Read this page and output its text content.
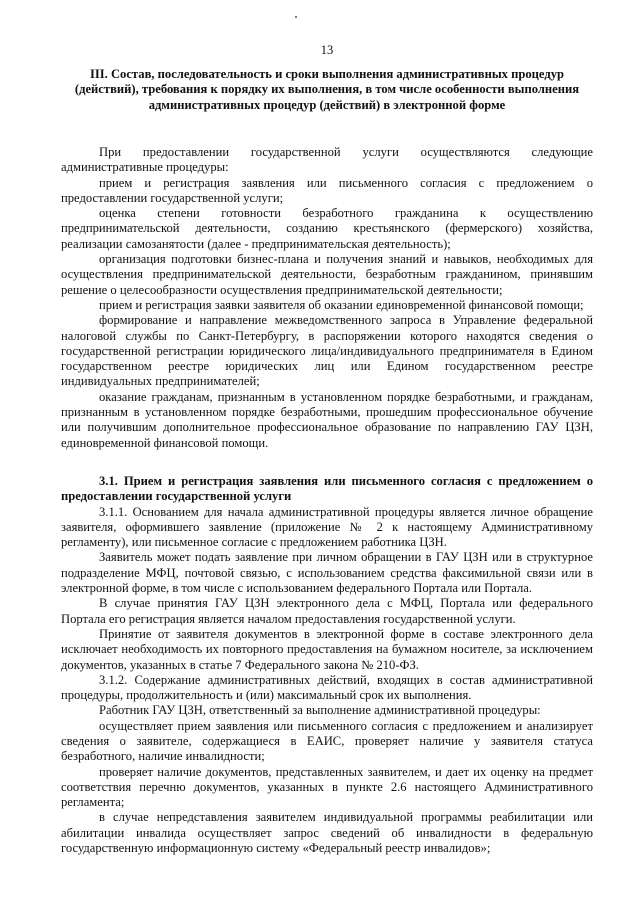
13
III. Состав, последовательность и сроки выполнения административных процедур (действий), требования к порядку их выполнения, в том числе особенности выполнения административных процедур (действий) в электронной форме

При предоставлении государственной услуги осуществляются следующие административные процедуры:

прием и регистрация заявления или письменного согласия с предложением о предоставлении государственной услуги;

оценка степени готовности безработного гражданина к осуществлению предпринимательской деятельности, созданию крестьянского (фермерского) хозяйства, реализации самозанятости (далее - предпринимательская деятельность);

организация подготовки бизнес-плана и получения знаний и навыков, необходимых для осуществления предпринимательской деятельности, безработным гражданином, принявшим решение о целесообразности осуществления предпринимательской деятельности;

прием и регистрация заявки заявителя об оказании единовременной финансовой помощи;

формирование и направление межведомственного запроса в Управление федеральной налоговой службы по Санкт-Петербургу, в распоряжении которого находятся сведения о государственной регистрации юридического лица/индивидуального предпринимателя в Едином государственном реестре юридических лиц или Едином государственном реестре индивидуальных предпринимателей;

оказание гражданам, признанным в установленном порядке безработными, и гражданам, признанным в установленном порядке безработными, прошедшим профессиональное обучение или получившим дополнительное профессиональное образование по направлению ГАУ ЦЗН, единовременной финансовой помощи.

3.1. Прием и регистрация заявления или письменного согласия с предложением о предоставлении государственной услуги

3.1.1. Основанием для начала административной процедуры является личное обращение заявителя, оформившего заявление (приложение № 2 к настоящему Административному регламенту), или письменное согласие с предложением работника ЦЗН.

Заявитель может подать заявление при личном обращении в ГАУ ЦЗН или в структурное подразделение МФЦ, почтовой связью, с использованием средства факсимильной связи или в электронной форме, в том числе с использованием федерального Портала или Портала.

В случае принятия ГАУ ЦЗН электронного дела с МФЦ, Портала или федерального Портала его регистрация является началом предоставления государственной услуги.

Принятие от заявителя документов в электронной форме в составе электронного дела исключает необходимость их повторного предоставления на бумажном носителе, за исключением документов, указанных в статье 7 Федерального закона № 210-ФЗ.

3.1.2. Содержание административных действий, входящих в состав административной процедуры, продолжительность и (или) максимальный срок их выполнения.

Работник ГАУ ЦЗН, ответственный за выполнение административной процедуры:

осуществляет прием заявления или письменного согласия с предложением и анализирует сведения о заявителе, содержащиеся в ЕАИС, проверяет наличие у заявителя статуса безработного, наличие инвалидности;

проверяет наличие документов, представленных заявителем, и дает их оценку на предмет соответствия перечню документов, указанных в пункте 2.6 настоящего Административного регламента;

в случае непредставления заявителем индивидуальной программы реабилитации или абилитации инвалида осуществляет запрос сведений об инвалидности в федеральную государственную информационную систему «Федеральный реестр инвалидов»;
